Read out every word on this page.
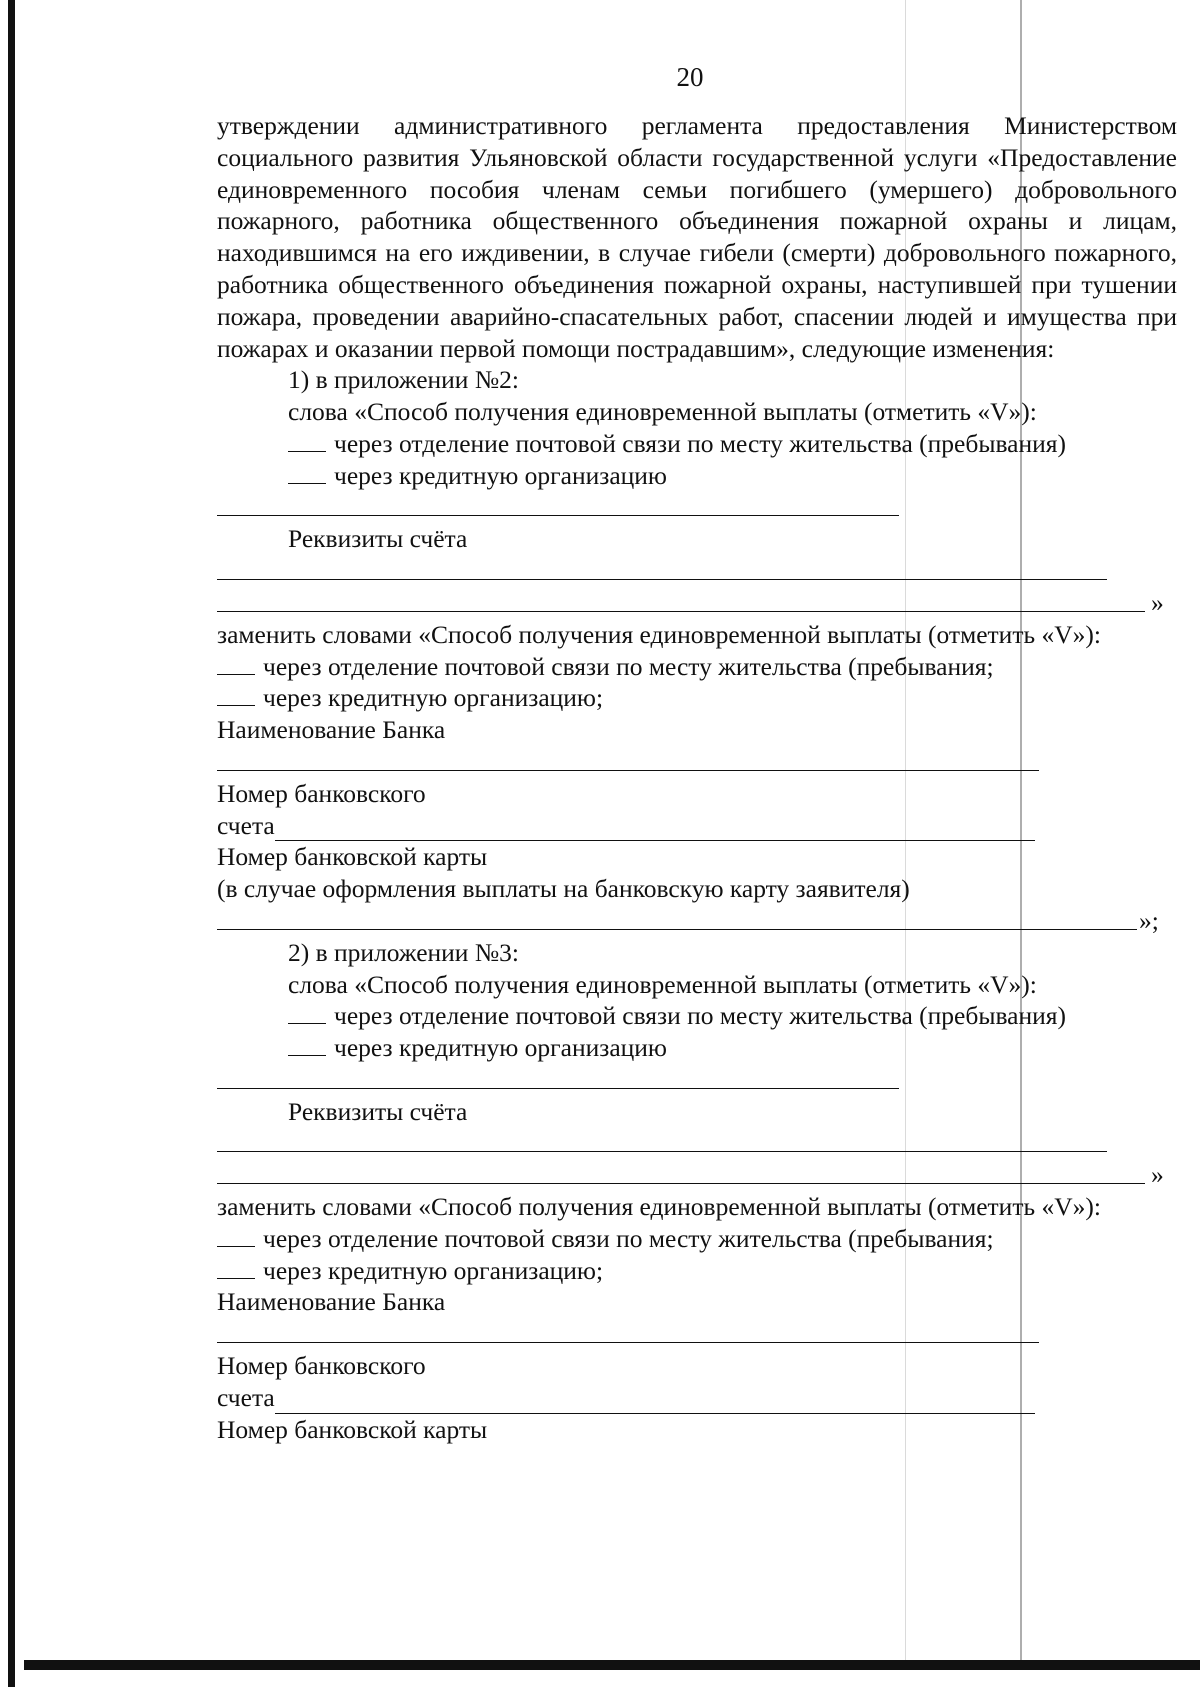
20

утверждении административного регламента предоставления Министерством социального развития Ульяновской области государственной услуги «Предоставление единовременного пособия членам семьи погибшего (умершего) добровольного пожарного, работника общественного объединения пожарной охраны и лицам, находившимся на его иждивении, в случае гибели (смерти) добровольного пожарного, работника общественного объединения пожарной охраны, наступившей при тушении пожара, проведении аварийно-спасательных работ, спасении людей и имущества при пожарах и оказании первой помощи пострадавшим», следующие изменения:

1) в приложении №2:

слова «Способ получения единовременной выплаты (отметить «V»):

через отделение почтовой связи по месту жительства (пребывания)

через кредитную организацию

Реквизиты счёта

»

заменить словами «Способ получения единовременной выплаты (отметить «V»):

через отделение почтовой связи по месту жительства (пребывания;

через кредитную организацию;

Наименование Банка

Номер банковского

счета

Номер банковской карты

(в случае оформления выплаты на банковскую карту заявителя)

»;

2) в приложении №3:

слова «Способ получения единовременной выплаты (отметить «V»):

через отделение почтовой связи по месту жительства (пребывания)

через кредитную организацию

Реквизиты счёта

»

заменить словами «Способ получения единовременной выплаты (отметить «V»):

через отделение почтовой связи по месту жительства (пребывания;

через кредитную организацию;

Наименование Банка

Номер банковского

счета

Номер банковской карты
